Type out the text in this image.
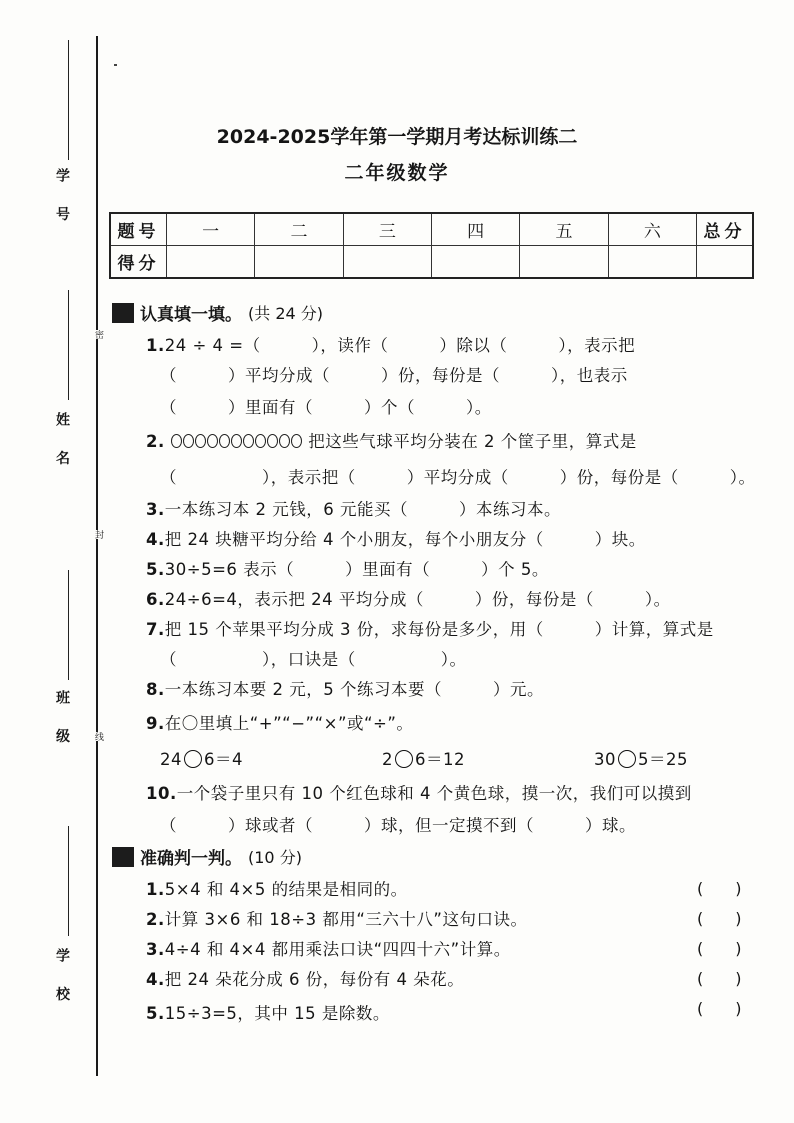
学 号
姓 名
班 级
学 校
密
封
线
2024-2025学年第一学期月考达标训练二
二年级数学
题号	一	二	三	四	五	六	总分
得分							
认真填一填。 (共 24 分)
1.24 ÷ 4 =（　　　），读作（　　　）除以（　　　），表示把
（　　　）平均分成（　　　）份，每份是（　　　），也表示
（　　　）里面有（　　　）个（　　　）。
2.	把这些气球平均分装在 2 个筐子里，算式是
（　　　　　），表示把（　　　）平均分成（　　　）份，每份是（　　　）。
3.一本练习本 2 元钱，6 元能买（　　　）本练习本。
4.把 24 块糖平均分给 4 个小朋友，每个小朋友分（　　　）块。
5.30÷5=6 表示（　　　）里面有（　　　）个 5。
6.24÷6=4，表示把 24 平均分成（　　　）份，每份是（　　　）。
7.把 15 个苹果平均分成 3 份，求每份是多少，用（　　　）计算，算式是
（　　　　　），口诀是（　　　　　）。
8.一本练习本要 2 元，5 个练习本要（　　　）元。
9.在〇里填上“+”“−”“×”或“÷”。
24 6＝4	2 6＝12	30 5＝25
10.一个袋子里只有 10 个红色球和 4 个黄色球，摸一次，我们可以摸到
（　　　）球或者（　　　）球，但一定摸不到（　　　）球。
准确判一判。 (10 分)
1.5×4 和 4×5 的结果是相同的。	(　　)
2.计算 3×6 和 18÷3 都用“三六十八”这句口诀。	(　　)
3.4÷4 和 4×4 都用乘法口诀“四四十六”计算。	(　　)
4.把 24 朵花分成 6 份，每份有 4 朵花。	(　　)
5.15÷3=5，其中 15 是除数。	(　　)
